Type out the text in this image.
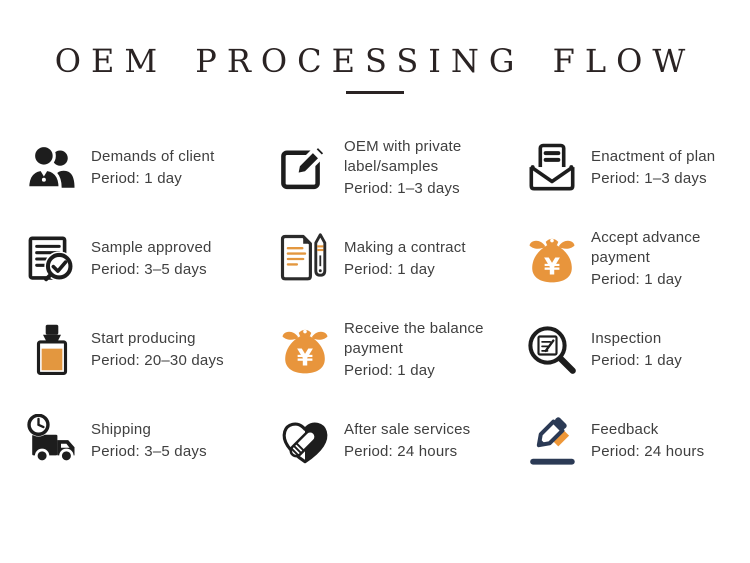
OEM PROCESSING FLOW
Demands of client
Period: 1 day
OEM with private label/samples
Period: 1–3 days
Enactment of plan
Period: 1–3 days
Sample approved
Period: 3–5 days
Making a contract
Period: 1 day	¥
Accept advance payment
Period: 1 day
Start producing
Period: 20–30 days	¥
Receive the balance payment
Period: 1 day
Inspection
Period: 1 day
Shipping
Period: 3–5 days
After sale services
Period: 24 hours
Feedback
Period: 24 hours
